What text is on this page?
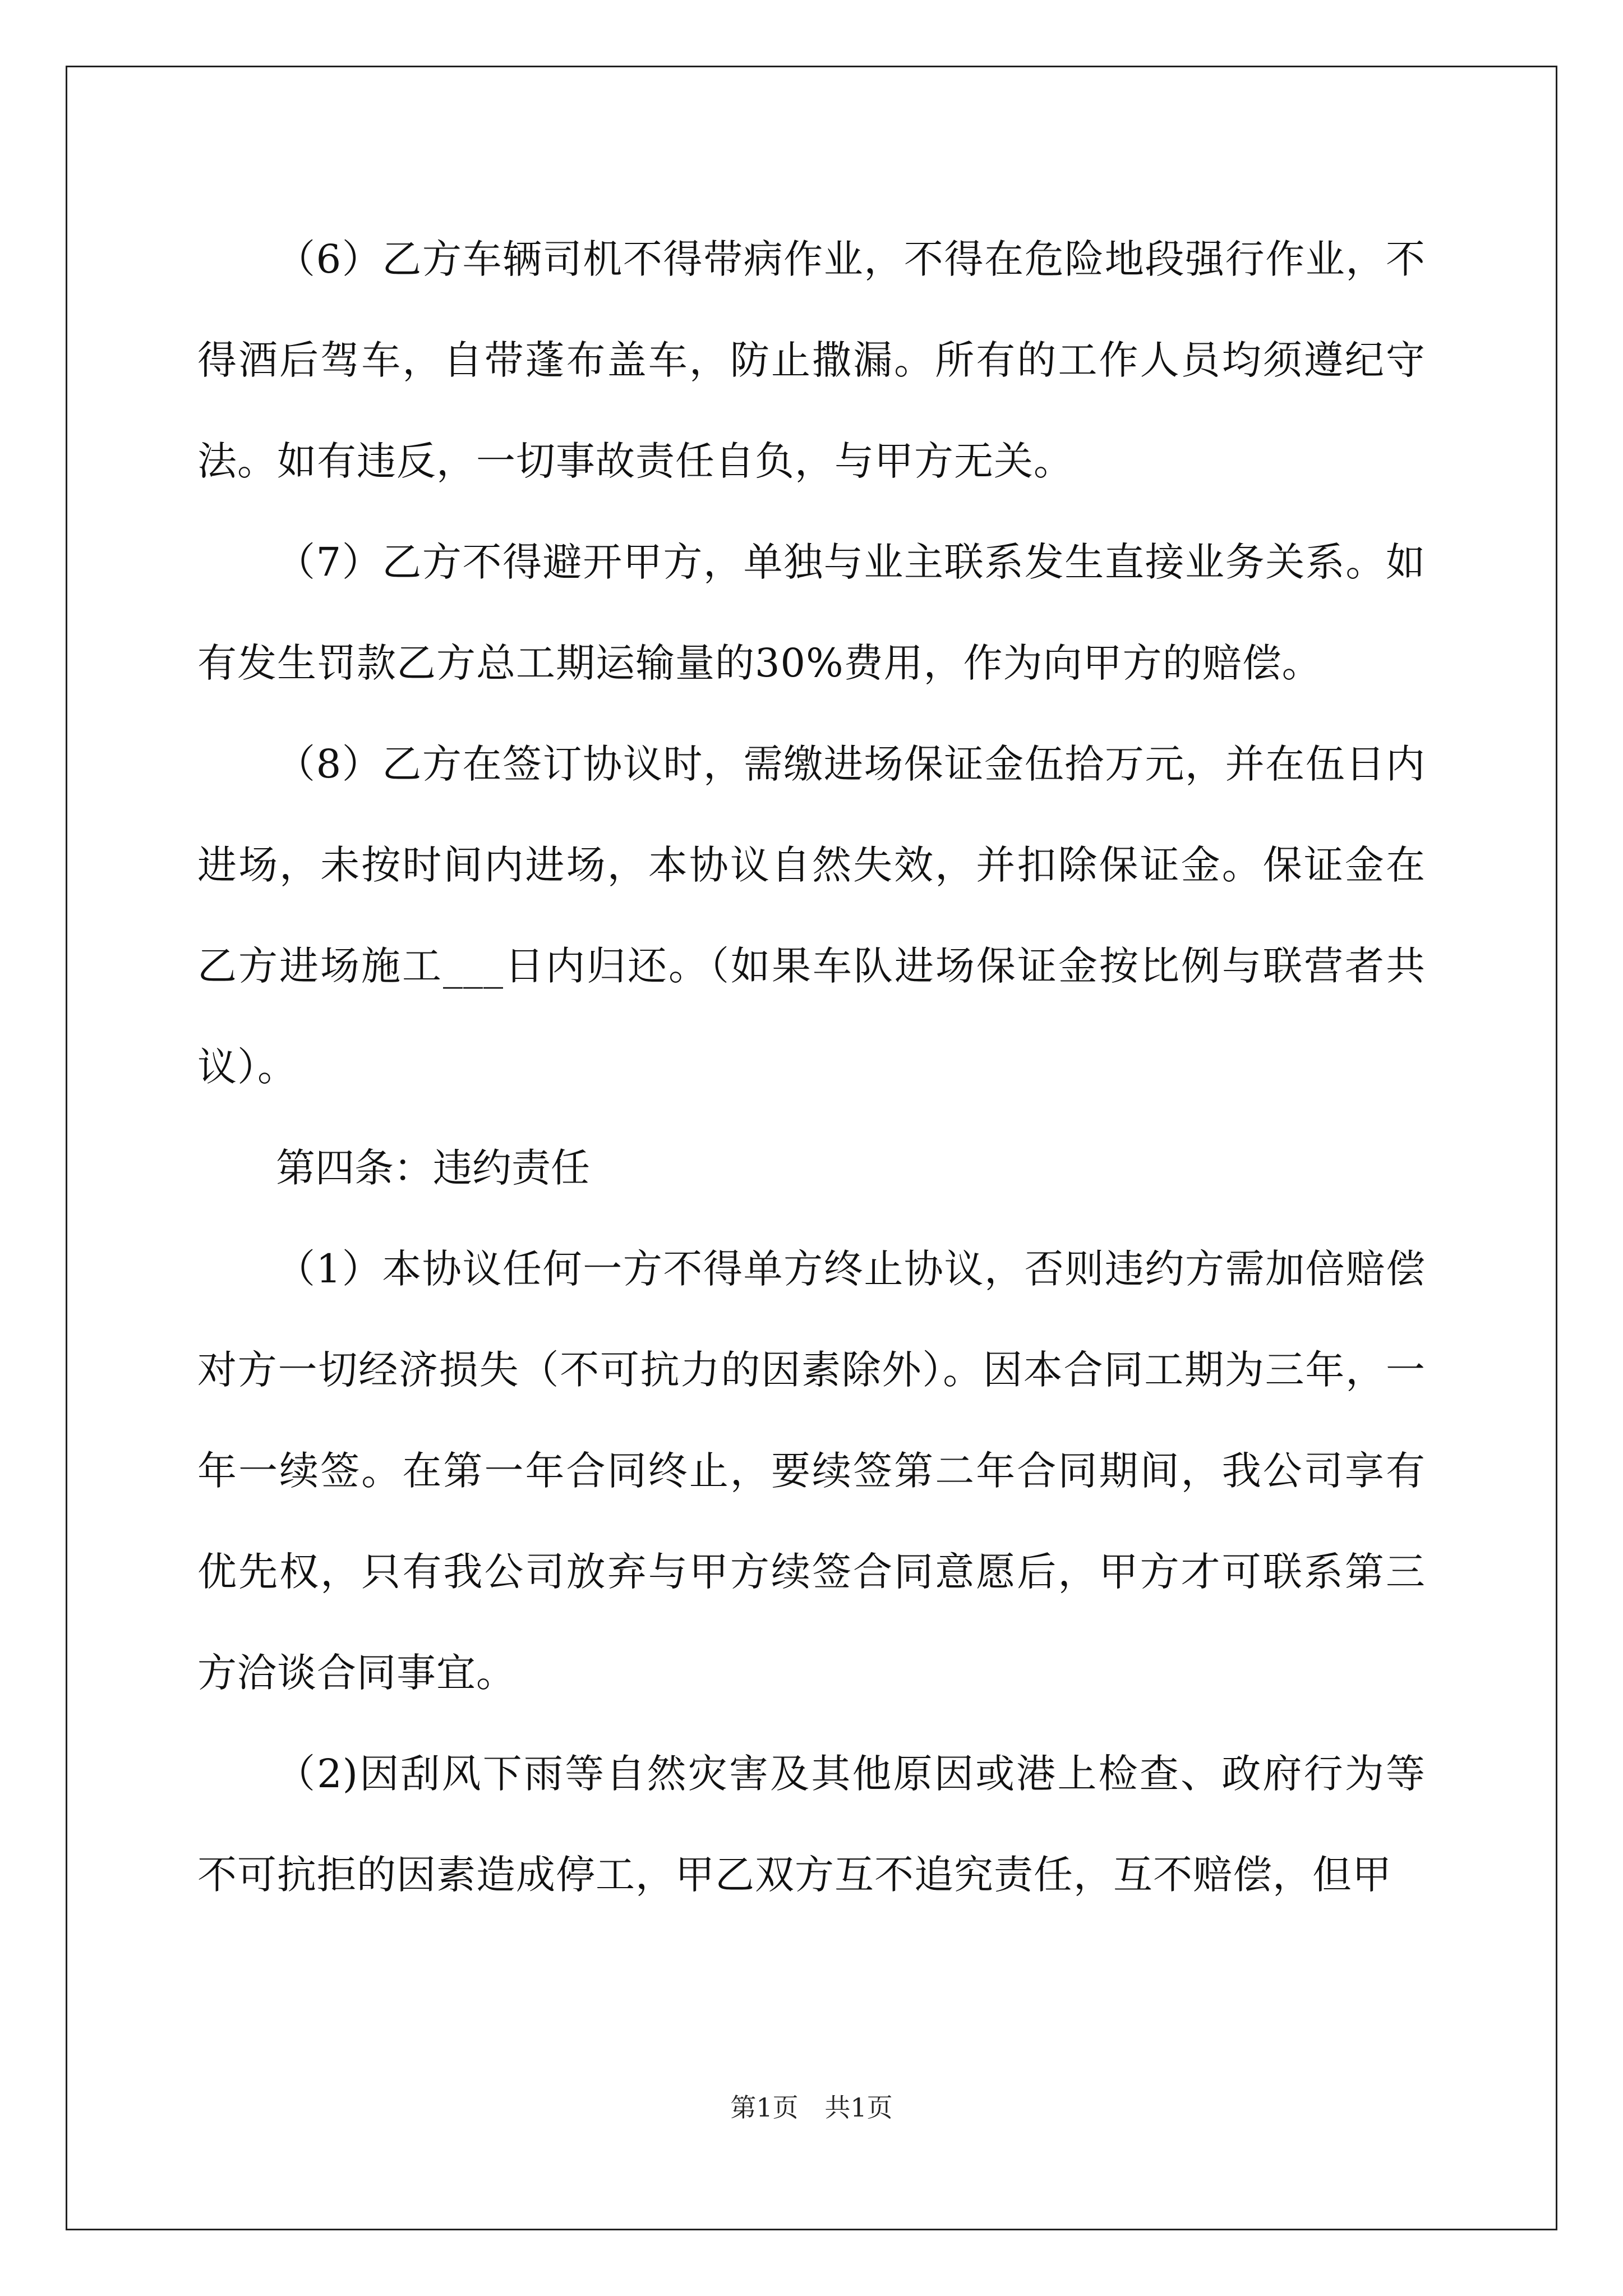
（6）乙方车辆司机不得带病作业，不得在危险地段强行作业，不得酒后驾车，自带蓬布盖车，防止撒漏。所有的工作人员均须遵纪守法。如有违反，一切事故责任自负，与甲方无关。

（7）乙方不得避开甲方，单独与业主联系发生直接业务关系。如有发生罚款乙方总工期运输量的30%费用，作为向甲方的赔偿。

（8）乙方在签订协议时，需缴进场保证金伍拾万元，并在伍日内进场，未按时间内进场，本协议自然失效，并扣除保证金。保证金在乙方进场施工___日内归还。（如果车队进场保证金按比例与联营者共议）。

第四条：违约责任

（1）本协议任何一方不得单方终止协议，否则违约方需加倍赔偿对方一切经济损失（不可抗力的因素除外）。因本合同工期为三年，一年一续签。在第一年合同终止，要续签第二年合同期间，我公司享有优先权，只有我公司放弃与甲方续签合同意愿后，甲方才可联系第三方洽谈合同事宜。

（2)因刮风下雨等自然灾害及其他原因或港上检查、政府行为等不可抗拒的因素造成停工，甲乙双方互不追究责任，互不赔偿，但甲

第1页 共1页
